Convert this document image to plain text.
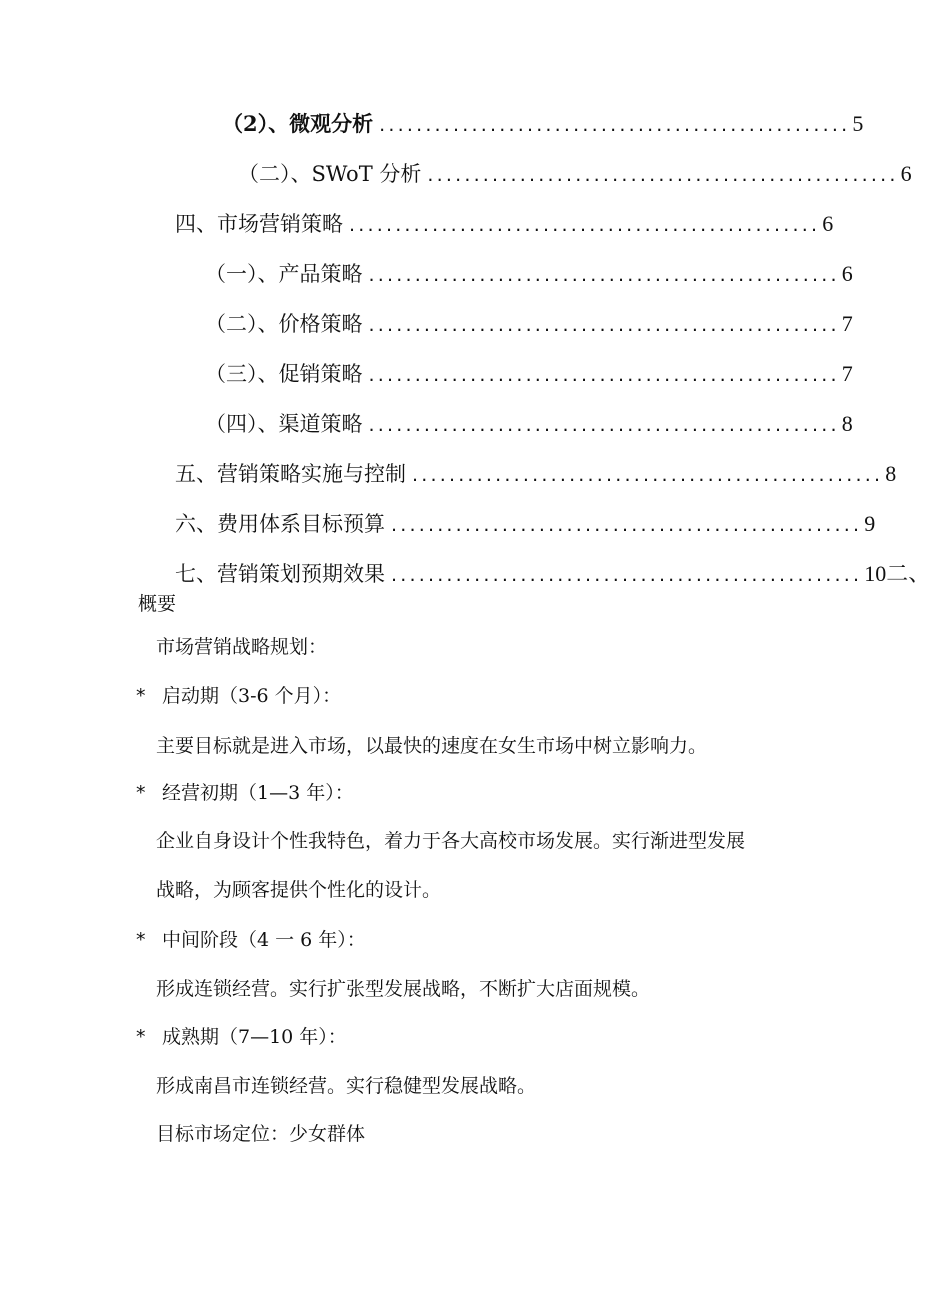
（2）、微观分析 ................................................... 5
（二）、SWoT 分析 ................................................... 6
四、市场营销策略 ................................................... 6
（一）、产品策略 ................................................... 6
（二）、价格策略 ................................................... 7
（三）、促销策略 ................................................... 7
（四）、渠道策略 ................................................... 8
五、营销策略实施与控制 ................................................... 8
六、费用体系目标预算 ................................................... 9
七、营销策划预期效果 ................................................... 10二、
概要
市场营销战略规划：
* 启动期（3-6 个月）：
主要目标就是进入市场，以最快的速度在女生市场中树立影响力。
* 经营初期（1—3 年）：
企业自身设计个性我特色，着力于各大高校市场发展。实行渐进型发展
战略，为顾客提供个性化的设计。
* 中间阶段（4 一 6 年）：
形成连锁经营。实行扩张型发展战略，不断扩大店面规模。
* 成熟期（7—10 年）：
形成南昌市连锁经营。实行稳健型发展战略。
目标市场定位：少女群体
